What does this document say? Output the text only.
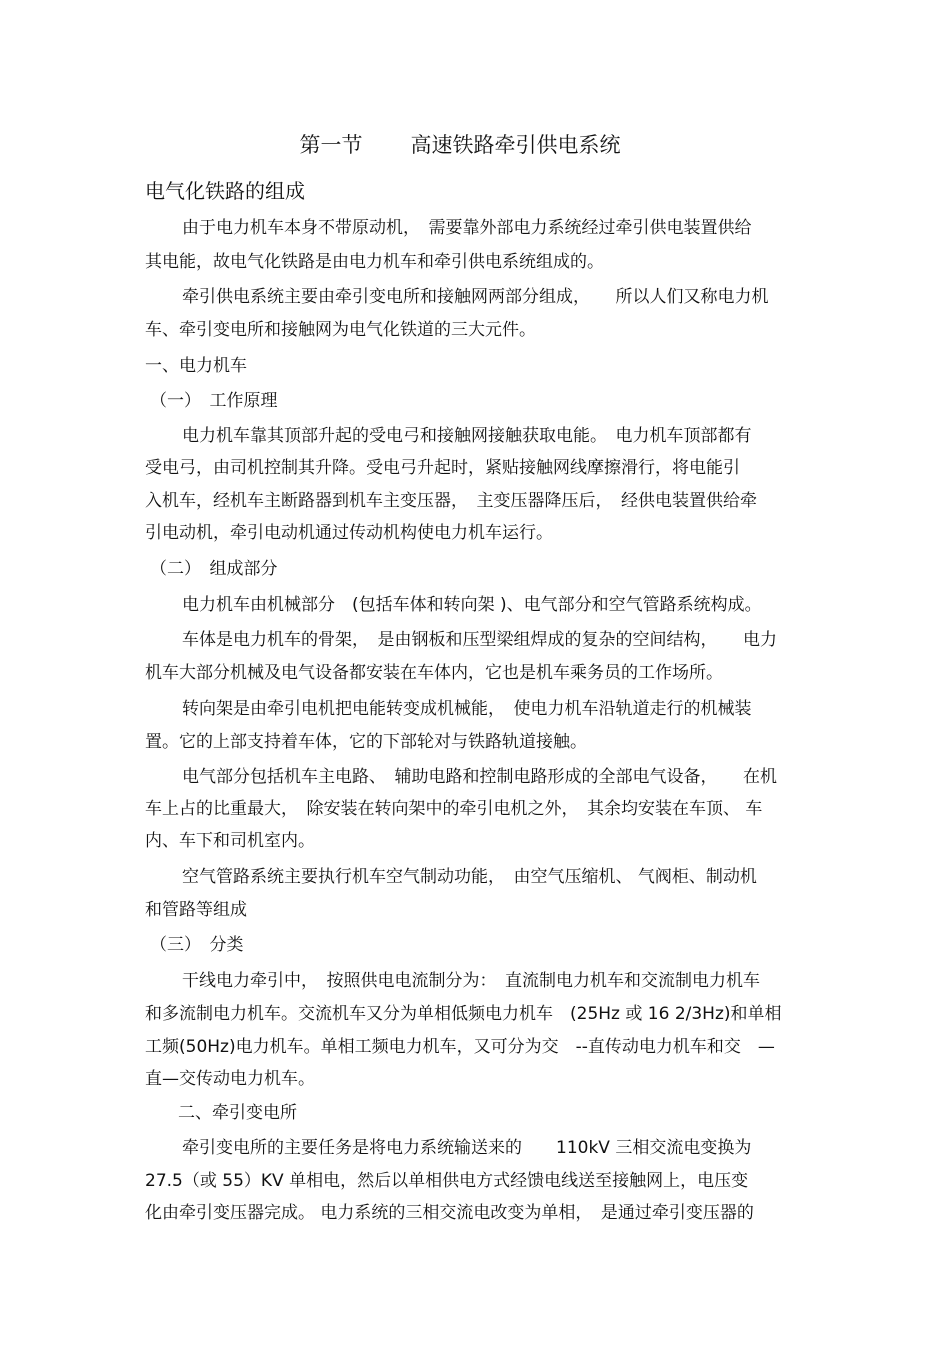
第一节 高速铁路牵引供电系统
电气化铁路的组成
由于电力机车本身不带原动机，　需要靠外部电力系统经过牵引供电装置供给
其电能，故电气化铁路是由电力机车和牵引供电系统组成的。
牵引供电系统主要由牵引变电所和接触网两部分组成，　　所以人们又称电力机
车、牵引变电所和接触网为电气化铁道的三大元件。
一、电力机车
（一）　工作原理
电力机车靠其顶部升起的受电弓和接触网接触获取电能。　电力机车顶部都有
受电弓，由司机控制其升降。受电弓升起时，紧贴接触网线摩擦滑行，将电能引
入机车，经机车主断路器到机车主变压器，　主变压器降压后，　经供电装置供给牵
引电动机，牵引电动机通过传动机构使电力机车运行。
（二）　组成部分
电力机车由机械部分　(包括车体和转向架 )、电气部分和空气管路系统构成。
车体是电力机车的骨架，　是由钢板和压型梁组焊成的复杂的空间结构，　　电力
机车大部分机械及电气设备都安装在车体内，它也是机车乘务员的工作场所。
转向架是由牵引电机把电能转变成机械能，　使电力机车沿轨道走行的机械装
置。它的上部支持着车体，它的下部轮对与铁路轨道接触。
电气部分包括机车主电路、　辅助电路和控制电路形成的全部电气设备，　　在机
车上占的比重最大，　除安装在转向架中的牵引电机之外，　其余均安装在车顶、 车
内、车下和司机室内。
空气管路系统主要执行机车空气制动功能，　由空气压缩机、 气阀柜、制动机
和管路等组成
（三）　分类
干线电力牵引中，　按照供电电流制分为：　直流制电力机车和交流制电力机车
和多流制电力机车。交流机车又分为单相低频电力机车　(25Hz 或 16 2/3Hz)和单相
工频(50Hz)电力机车。单相工频电力机车，又可分为交　--直传动电力机车和交　—
直—交传动电力机车。
二、牵引变电所
牵引变电所的主要任务是将电力系统输送来的　　110kV 三相交流电变换为
27.5（或 55）KV 单相电，然后以单相供电方式经馈电线送至接触网上，电压变
化由牵引变压器完成。 电力系统的三相交流电改变为单相，　是通过牵引变压器的
